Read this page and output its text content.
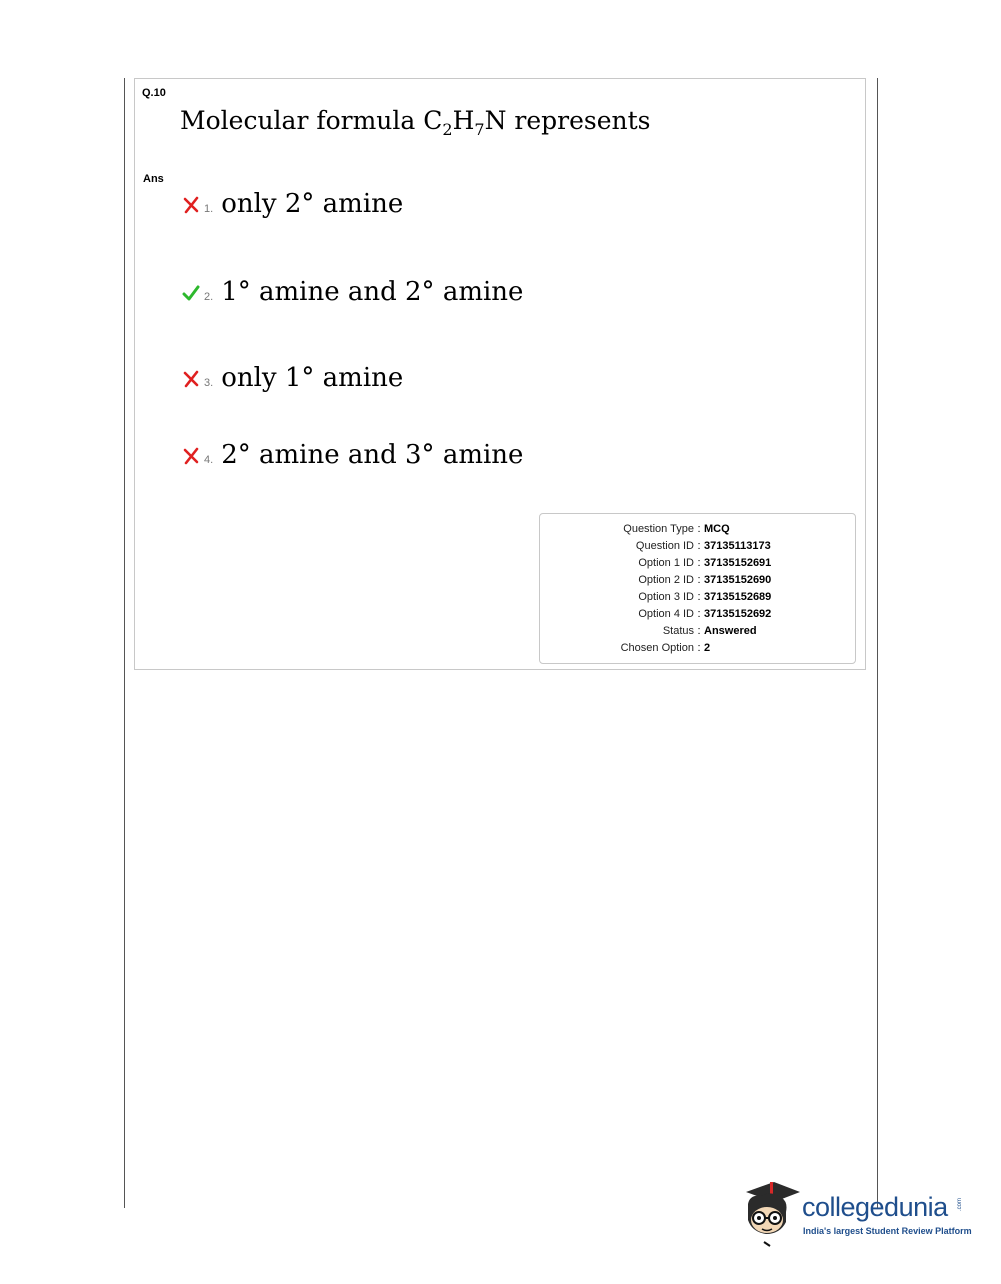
Q.10
Molecular formula $C_2H_7N$ represents
Ans
1. only 2° amine
2. 1° amine and 2° amine
3. only 1° amine
4. 2° amine and 3° amine
Question Type : MCQ
Question ID : 37135113173
Option 1 ID : 37135152691
Option 2 ID : 37135152690
Option 3 ID : 37135152689
Option 4 ID : 37135152692
Status : Answered
Chosen Option : 2
collegedunia .com
India's largest Student Review Platform
